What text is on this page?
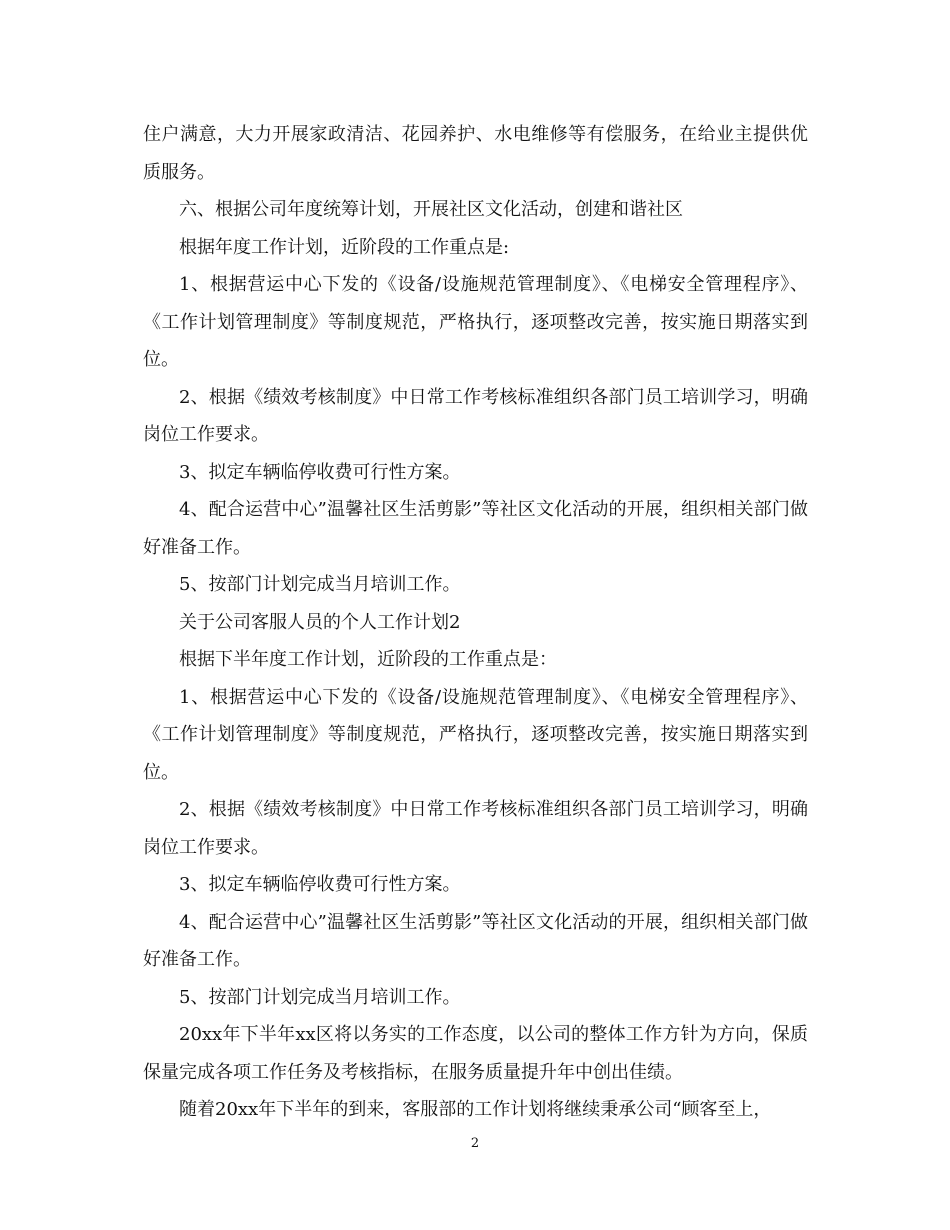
住户满意，大力开展家政清洁、花园养护、水电维修等有偿服务，在给业主提供优质服务。

六、根据公司年度统筹计划，开展社区文化活动，创建和谐社区

根据年度工作计划，近阶段的工作重点是:

1、根据营运中心下发的《设备/设施规范管理制度》、《电梯安全管理程序》、《工作计划管理制度》等制度规范，严格执行，逐项整改完善，按实施日期落实到位。

2、根据《绩效考核制度》中日常工作考核标准组织各部门员工培训学习，明确岗位工作要求。

3、拟定车辆临停收费可行性方案。

4、配合运营中心”温馨社区生活剪影”等社区文化活动的开展，组织相关部门做好准备工作。

5、按部门计划完成当月培训工作。

关于公司客服人员的个人工作计划2

根据下半年度工作计划，近阶段的工作重点是：

1、根据营运中心下发的《设备/设施规范管理制度》、《电梯安全管理程序》、《工作计划管理制度》等制度规范，严格执行，逐项整改完善，按实施日期落实到位。

2、根据《绩效考核制度》中日常工作考核标准组织各部门员工培训学习，明确岗位工作要求。

3、拟定车辆临停收费可行性方案。

4、配合运营中心”温馨社区生活剪影”等社区文化活动的开展，组织相关部门做好准备工作。

5、按部门计划完成当月培训工作。

20xx年下半年xx区将以务实的工作态度，以公司的整体工作方针为方向，保质保量完成各项工作任务及考核指标，在服务质量提升年中创出佳绩。

随着20xx年下半年的到来，客服部的工作计划将继续秉承公司“顾客至上，

2
